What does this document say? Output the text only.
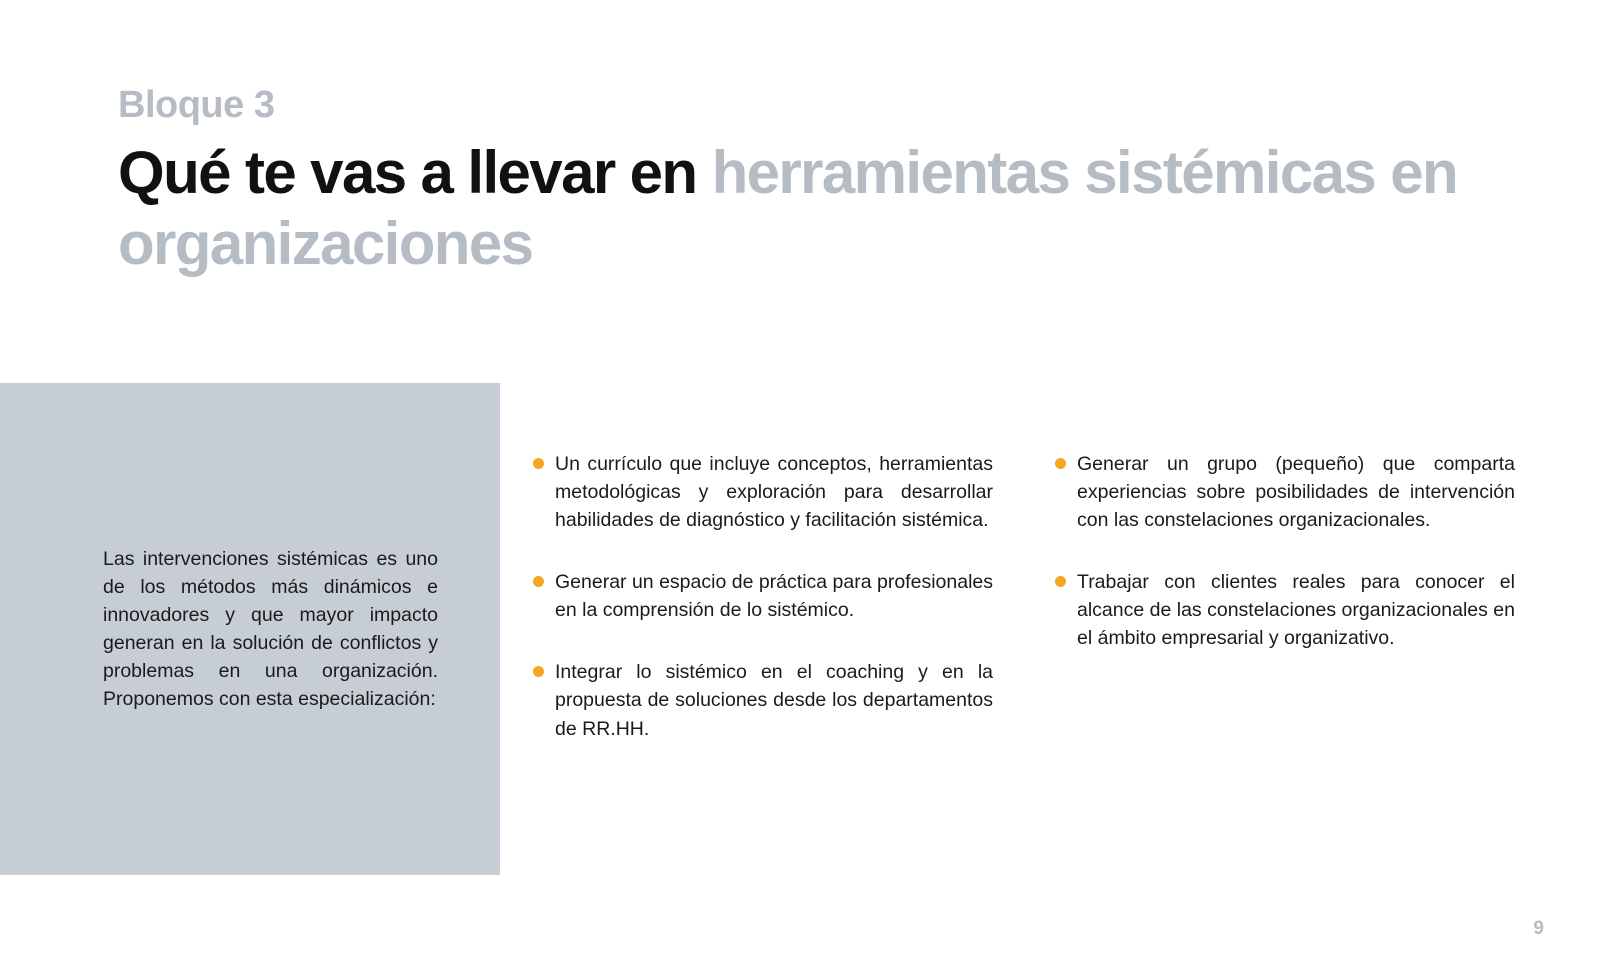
Bloque 3
Qué te vas a llevar en herramientas sistémicas en organizaciones

Las intervenciones sistémicas es uno de los métodos más dinámicos e innovadores y que mayor impacto generan en la solución de conflictos y problemas en una organización. Proponemos con esta especialización:

Un currículo que incluye conceptos, herramientas metodológicas y exploración para desarrollar habilidades de diagnóstico y facilitación sistémica.

Generar un espacio de práctica para profesionales en la comprensión de lo sistémico.

Integrar lo sistémico en el coaching y en la propuesta de soluciones desde los departamentos de RR.HH.

Generar un grupo (pequeño) que comparta experiencias sobre posibilidades de intervención con las constelaciones organizacionales.

Trabajar con clientes reales para conocer el alcance de las constelaciones organizacionales en el ámbito empresarial y organizativo.

9
